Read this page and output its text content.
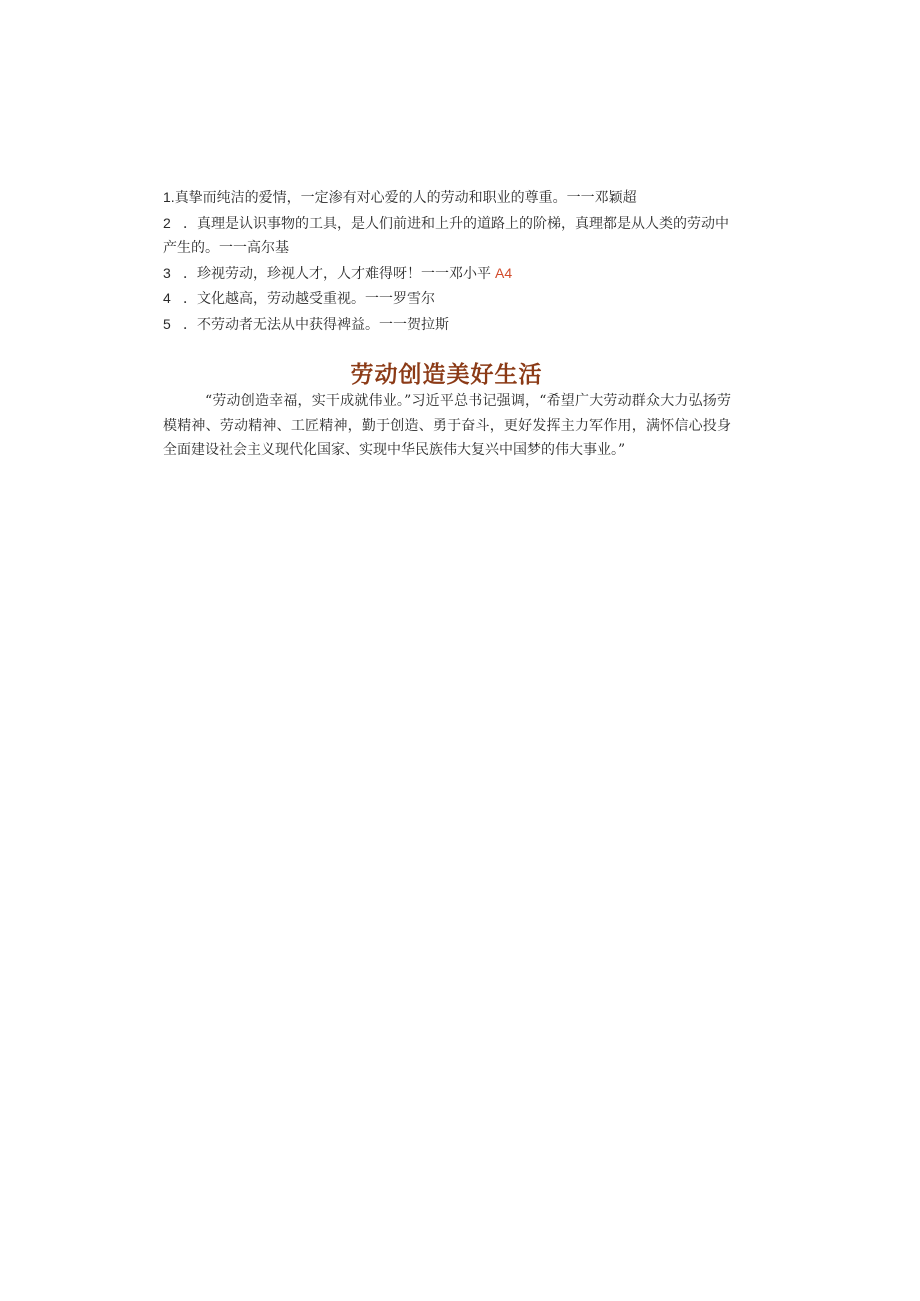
1.真挚而纯洁的爱情，一定渗有对心爱的人的劳动和职业的尊重。一一邓颖超

2 ．真理是认识事物的工具，是人们前进和上升的道路上的阶梯，真理都是从人类的劳动中产生的。一一高尔基

3 ．珍视劳动，珍视人才，人才难得呀！一一邓小平 A4

4 ．文化越高，劳动越受重视。一一罗雪尔

5 ．不劳动者无法从中获得裨益。一一贺拉斯

劳动创造美好生活

“劳动创造幸福，实干成就伟业。”习近平总书记强调，“希望广大劳动群众大力弘扬劳模精神、劳动精神、工匠精神，勤于创造、勇于奋斗，更好发挥主力军作用，满怀信心投身全面建设社会主义现代化国家、实现中华民族伟大复兴中国梦的伟大事业。”
